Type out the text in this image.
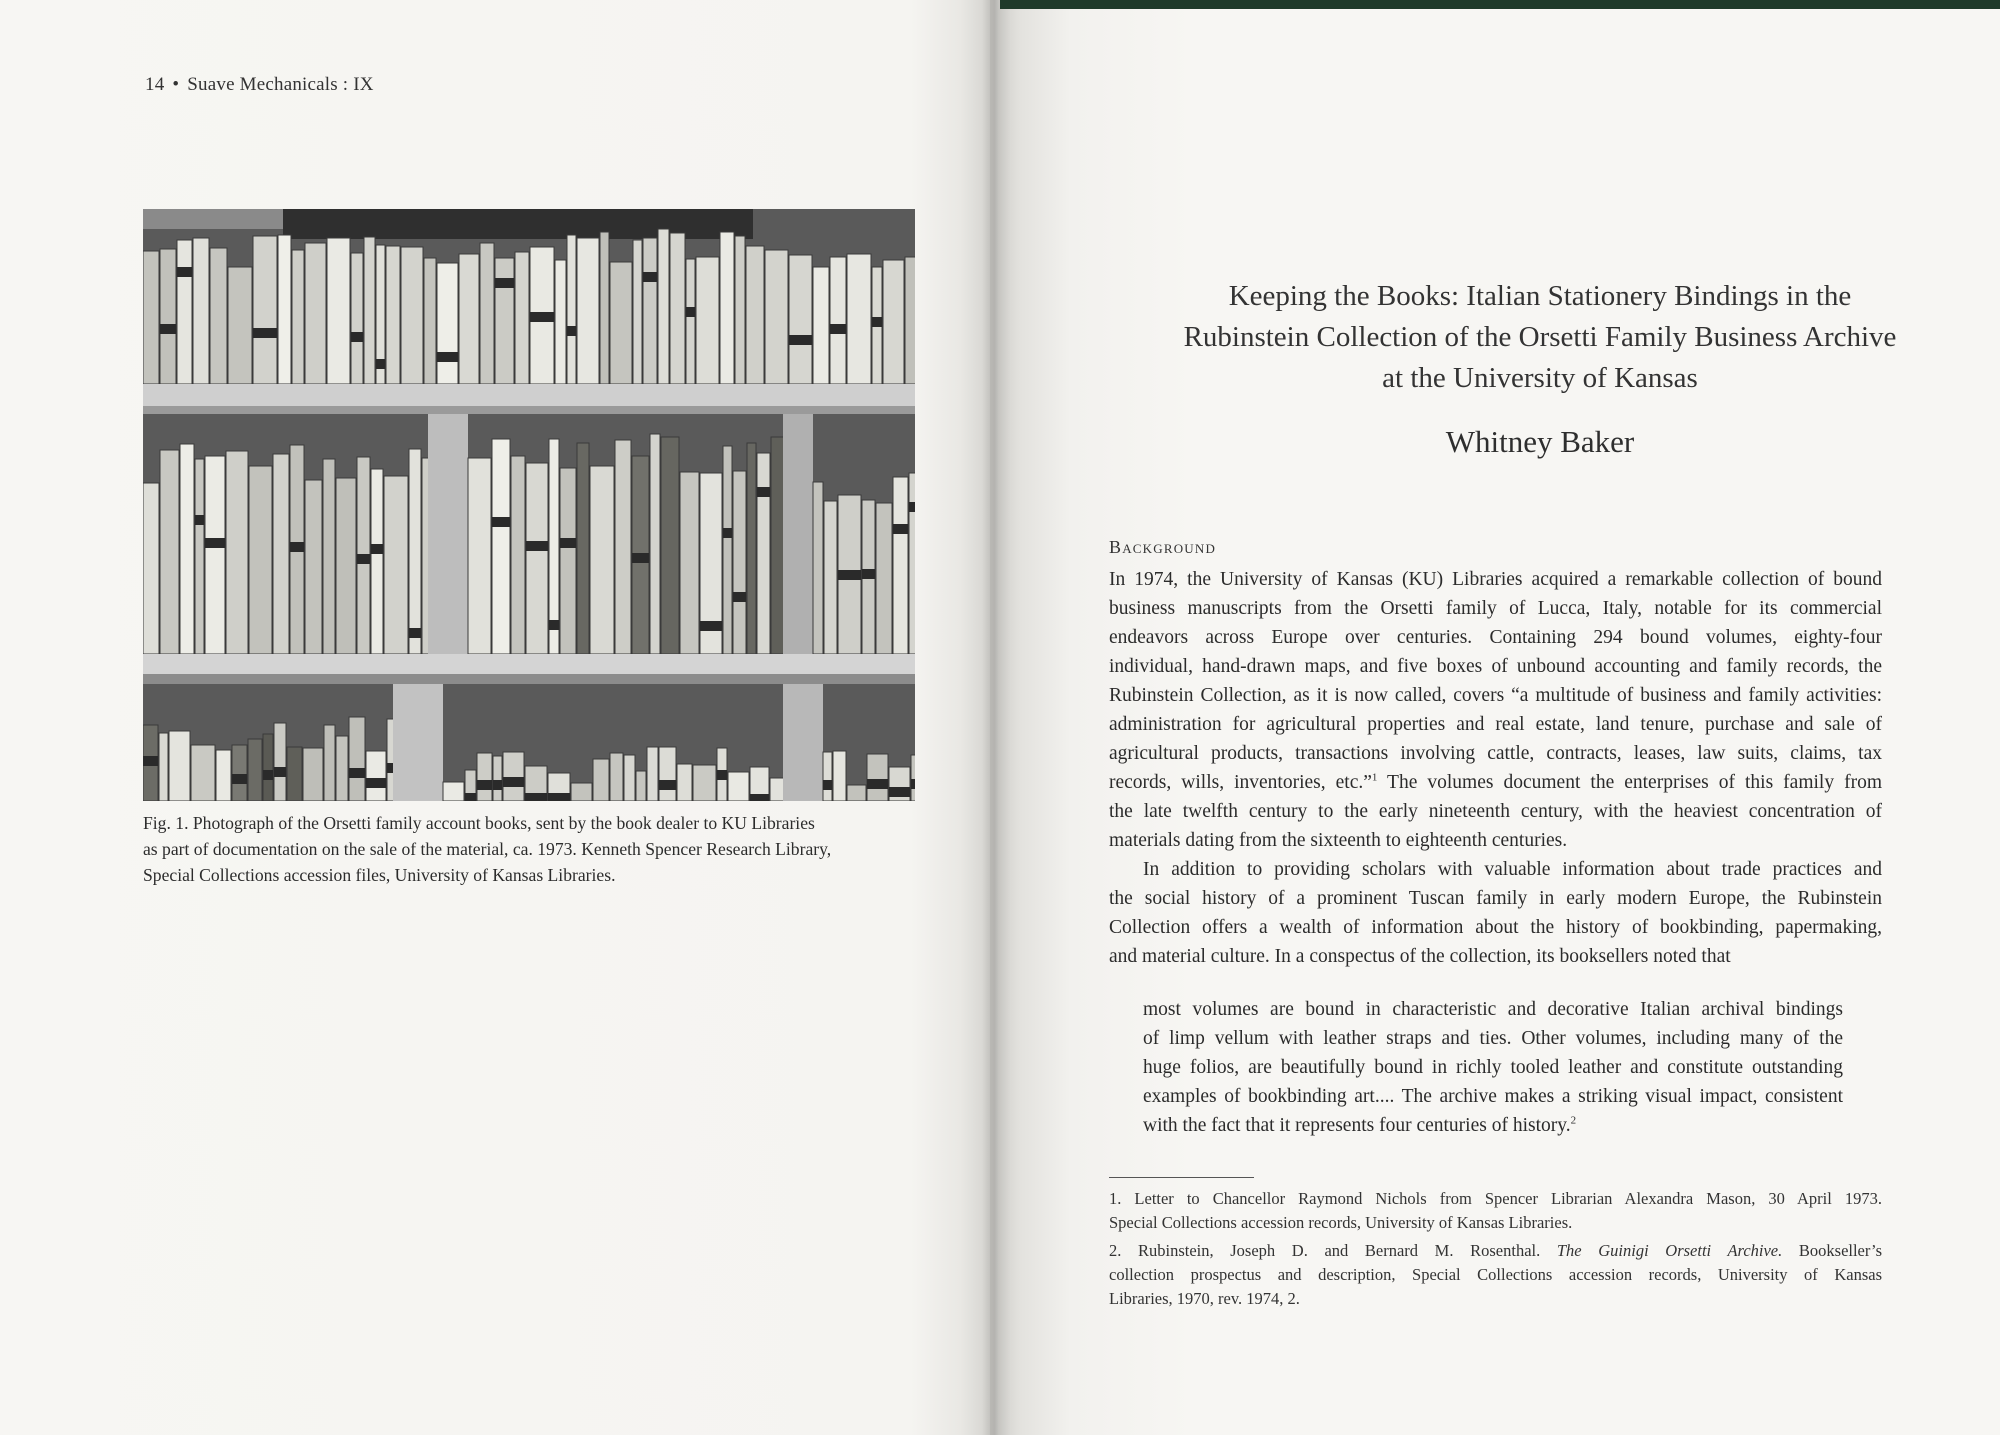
14 • Suave Mechanicals : IX
Fig. 1. Photograph of the Orsetti family account books, sent by the book dealer to KU Libraries
as part of documentation on the sale of the material, ca. 1973. Kenneth Spencer Research Library,
Special Collections accession files, University of Kansas Libraries.
Keeping the Books: Italian Stationery Bindings in the
Rubinstein Collection of the Orsetti Family Business Archive
at the University of Kansas
Whitney Baker
Background
In 1974, the University of Kansas (KU) Libraries acquired a remarkable collection of bound
business manuscripts from the Orsetti family of Lucca, Italy, notable for its commercial
endeavors across Europe over centuries. Containing 294 bound volumes, eighty-four
individual, hand-drawn maps, and five boxes of unbound accounting and family records, the
Rubinstein Collection, as it is now called, covers “a multitude of business and family activities:
administration for agricultural properties and real estate, land tenure, purchase and sale of
agricultural products, transactions involving cattle, contracts, leases, law suits, claims, tax
records, wills, inventories, etc.”$^1$ The volumes document the enterprises of this family from
the late twelfth century to the early nineteenth century, with the heaviest concentration of
materials dating from the sixteenth to eighteenth centuries.
In addition to providing scholars with valuable information about trade practices and
the social history of a prominent Tuscan family in early modern Europe, the Rubinstein
Collection offers a wealth of information about the history of bookbinding, papermaking,
and material culture. In a conspectus of the collection, its booksellers noted that
most volumes are bound in characteristic and decorative Italian archival bindings
of limp vellum with leather straps and ties. Other volumes, including many of the
huge folios, are beautifully bound in richly tooled leather and constitute outstanding
examples of bookbinding art.... The archive makes a striking visual impact, consistent
with the fact that it represents four centuries of history.$^2$
1. Letter to Chancellor Raymond Nichols from Spencer Librarian Alexandra Mason, 30 April 1973.
Special Collections accession records, University of Kansas Libraries.
2. Rubinstein, Joseph D. and Bernard M. Rosenthal. The Guinigi Orsetti Archive. Bookseller’s
collection prospectus and description, Special Collections accession records, University of Kansas
Libraries, 1970, rev. 1974, 2.
